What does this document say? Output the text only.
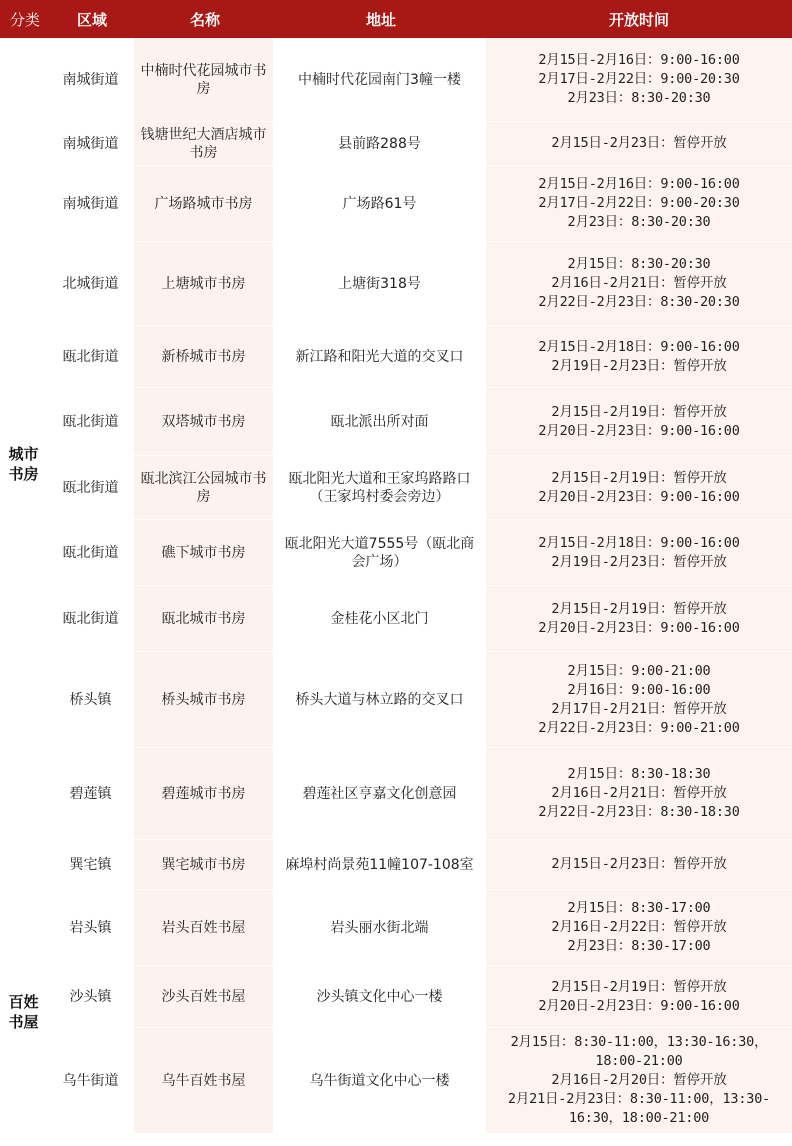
分类	区域	名称	地址	开放时间
城市书房	南城街道	中楠时代花园城市书房	中楠时代花园南门3幢一楼	2月15日-2月16日：9:00-16:00
2月17日-2月22日：9:00-20:30
2月23日：8:30-20:30
	南城街道	钱塘世纪大酒店城市书房	县前路288号	2月15日-2月23日：暂停开放
	南城街道	广场路城市书房	广场路61号	2月15日-2月16日：9:00-16:00
2月17日-2月22日：9:00-20:30
2月23日：8:30-20:30
	北城街道	上塘城市书房	上塘街318号	2月15日：8:30-20:30
2月16日-2月21日：暂停开放
2月22日-2月23日：8:30-20:30
	瓯北街道	新桥城市书房	新江路和阳光大道的交叉口	2月15日-2月18日：9:00-16:00
2月19日-2月23日：暂停开放
	瓯北街道	双塔城市书房	瓯北派出所对面	2月15日-2月19日：暂停开放
2月20日-2月23日：9:00-16:00
	瓯北街道	瓯北滨江公园城市书房	瓯北阳光大道和王家坞路路口（王家坞村委会旁边）	2月15日-2月19日：暂停开放
2月20日-2月23日：9:00-16:00
	瓯北街道	礁下城市书房	瓯北阳光大道7555号（瓯北商会广场）	2月15日-2月18日：9:00-16:00
2月19日-2月23日：暂停开放
	瓯北街道	瓯北城市书房	金桂花小区北门	2月15日-2月19日：暂停开放
2月20日-2月23日：9:00-16:00
	桥头镇	桥头城市书房	桥头大道与林立路的交叉口	2月15日：9:00-21:00
2月16日：9:00-16:00
2月17日-2月21日：暂停开放
2月22日-2月23日：9:00-21:00
	碧莲镇	碧莲城市书房	碧莲社区亨嘉文化创意园	2月15日：8:30-18:30
2月16日-2月21日：暂停开放
2月22日-2月23日：8:30-18:30
	巽宅镇	巽宅城市书房	麻埠村尚景苑11幢107-108室	2月15日-2月23日：暂停开放
百姓书屋	岩头镇	岩头百姓书屋	岩头丽水街北端	2月15日：8:30-17:00
2月16日-2月22日：暂停开放
2月23日：8:30-17:00
	沙头镇	沙头百姓书屋	沙头镇文化中心一楼	2月15日-2月19日：暂停开放
2月20日-2月23日：9:00-16:00
	乌牛街道	乌牛百姓书屋	乌牛街道文化中心一楼	2月15日：8:30-11:00，13:30-16:30，18:00-21:00
2月16日-2月20日：暂停开放
2月21日-2月23日：8:30-11:00，13:30-16:30，18:00-21:00
